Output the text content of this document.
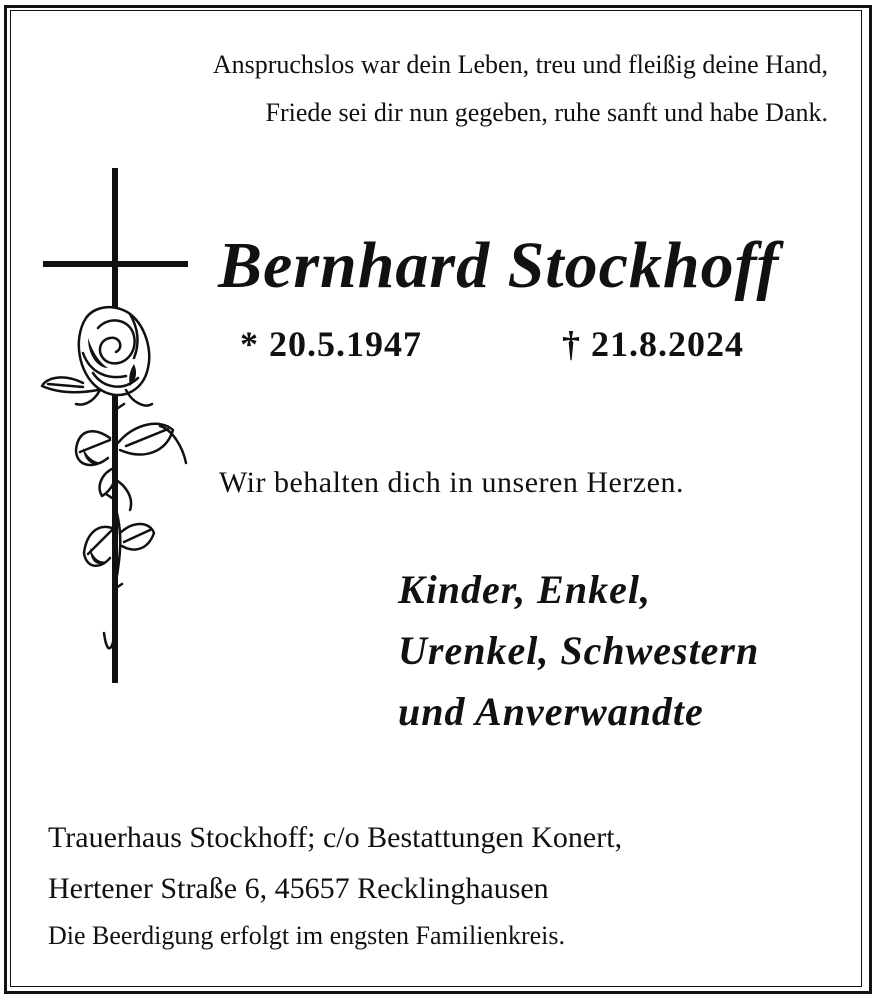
Anspruchslos war dein Leben, treu und fleißig deine Hand,
Friede sei dir nun gegeben, ruhe sanft und habe Dank.
Bernhard Stockhoff
* 20.5.1947	† 21.8.2024
Wir behalten dich in unseren Herzen.
Kinder, Enkel,
Urenkel, Schwestern
und Anverwandte
Trauerhaus Stockhoff; c/o Bestattungen Konert,
Hertener Straße 6, 45657 Recklinghausen
Die Beerdigung erfolgt im engsten Familienkreis.
